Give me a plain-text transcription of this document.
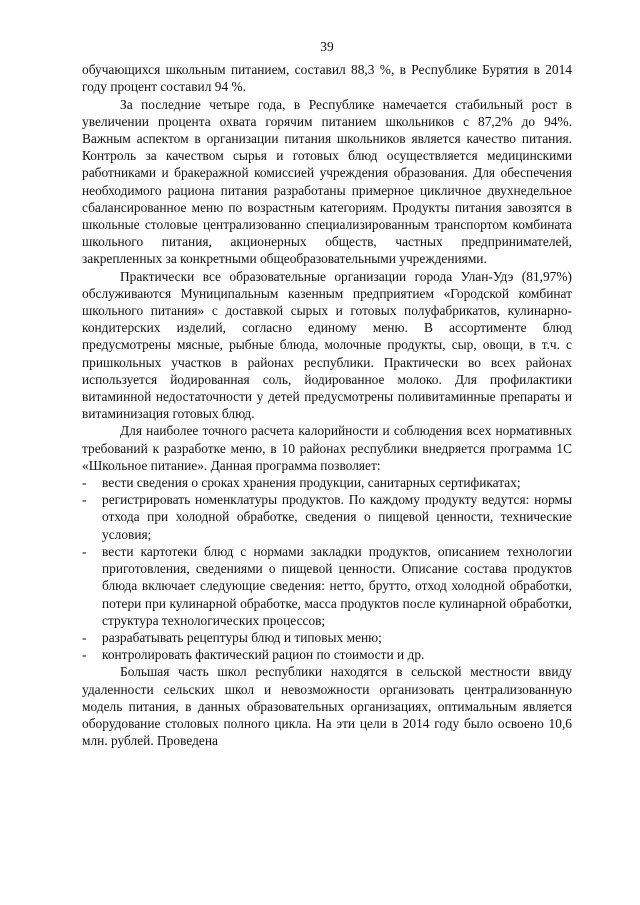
39

обучающихся школьным питанием, составил 88,3 %, в Республике Бурятия в 2014 году процент составил 94 %.

За последние четыре года, в Республике намечается стабильный рост в увеличении процента охвата горячим питанием школьников с 87,2% до 94%. Важным аспектом в организации питания школьников является качество питания. Контроль за качеством сырья и готовых блюд осуществляется медицинскими работниками и бракеражной комиссией учреждения образования. Для обеспечения необходимого рациона питания разработаны примерное цикличное двухнедельное сбалансированное меню по возрастным категориям. Продукты питания завозятся в школьные столовые централизованно специализированным транспортом комбината школьного питания, акционерных обществ, частных предпринимателей, закрепленных за конкретными общеобразовательными учреждениями.

Практически все образовательные организации города Улан-Удэ (81,97%) обслуживаются Муниципальным казенным предприятием «Городской комбинат школьного питания» с доставкой сырых и готовых полуфабрикатов, кулинарно-кондитерских изделий, согласно единому меню. В ассортименте блюд предусмотрены мясные, рыбные блюда, молочные продукты, сыр, овощи, в т.ч. с пришкольных участков в районах республики. Практически во всех районах используется йодированная соль, йодированное молоко. Для профилактики витаминной недостаточности у детей предусмотрены поливитаминные препараты и витаминизация готовых блюд.

Для наиболее точного расчета калорийности и соблюдения всех нормативных требований к разработке меню, в 10 районах республики внедряется программа 1С «Школьное питание». Данная программа позволяет:

- вести сведения о сроках хранения продукции, санитарных сертификатах;
- регистрировать номенклатуры продуктов. По каждому продукту ведутся: нормы отхода при холодной обработке, сведения о пищевой ценности, технические условия;
- вести картотеки блюд с нормами закладки продуктов, описанием технологии приготовления, сведениями о пищевой ценности. Описание состава продуктов блюда включает следующие сведения: нетто, брутто, отход холодной обработки, потери при кулинарной обработке, масса продуктов после кулинарной обработки, структура технологических процессов;
- разрабатывать рецептуры блюд и типовых меню;
- контролировать фактический рацион по стоимости и др.

Большая часть школ республики находятся в сельской местности ввиду удаленности сельских школ и невозможности организовать централизованную модель питания, в данных образовательных организациях, оптимальным является оборудование столовых полного цикла. На эти цели в 2014 году было освоено 10,6 млн. рублей. Проведена
